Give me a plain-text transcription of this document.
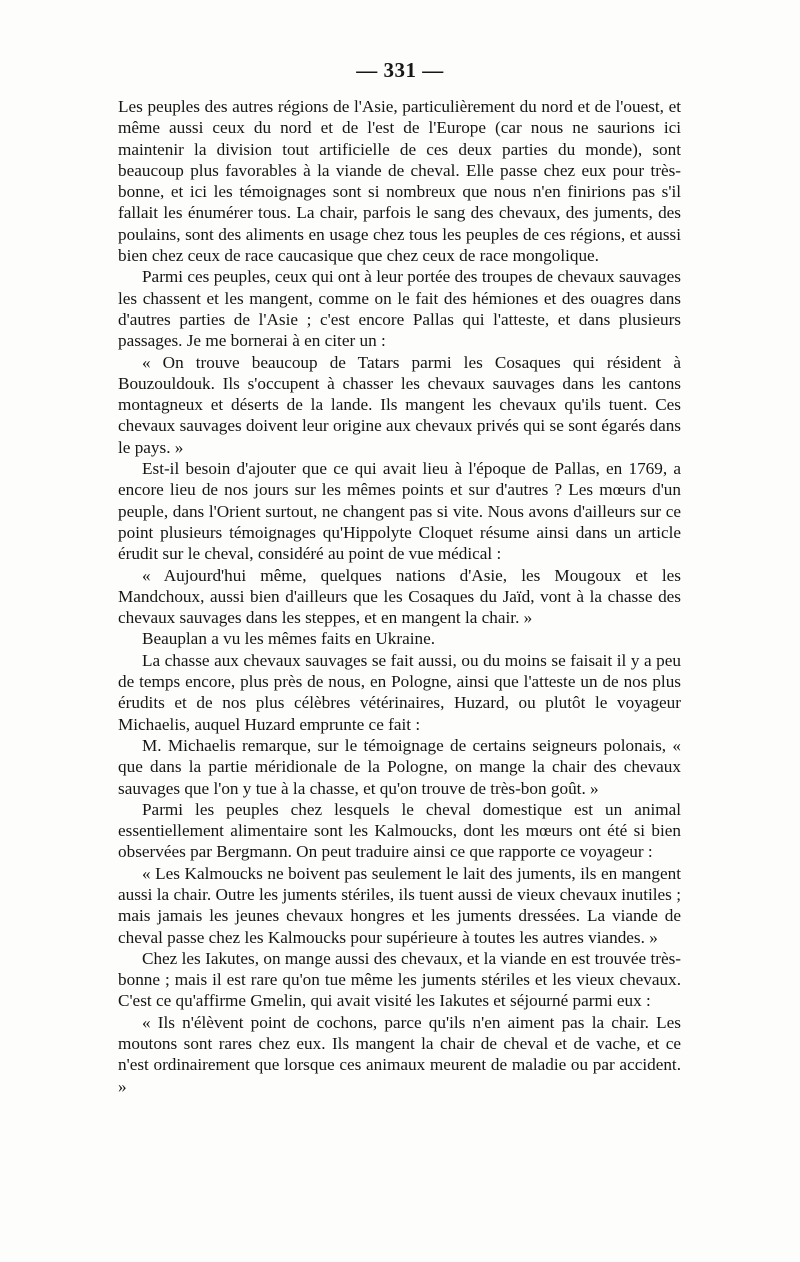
— 331 —

Les peuples des autres régions de l'Asie, particulièrement du nord et de l'ouest, et même aussi ceux du nord et de l'est de l'Europe (car nous ne saurions ici maintenir la division tout artificielle de ces deux parties du monde), sont beaucoup plus favorables à la viande de cheval. Elle passe chez eux pour très-bonne, et ici les témoignages sont si nombreux que nous n'en finirions pas s'il fallait les énumérer tous. La chair, parfois le sang des chevaux, des juments, des poulains, sont des aliments en usage chez tous les peuples de ces régions, et aussi bien chez ceux de race caucasique que chez ceux de race mongolique.

Parmi ces peuples, ceux qui ont à leur portée des troupes de chevaux sauvages les chassent et les mangent, comme on le fait des hémiones et des ouagres dans d'autres parties de l'Asie ; c'est encore Pallas qui l'atteste, et dans plusieurs passages. Je me bornerai à en citer un :

« On trouve beaucoup de Tatars parmi les Cosaques qui résident à Bouzouldouk. Ils s'occupent à chasser les chevaux sauvages dans les cantons montagneux et déserts de la lande. Ils mangent les chevaux qu'ils tuent. Ces chevaux sauvages doivent leur origine aux chevaux privés qui se sont égarés dans le pays. »

Est-il besoin d'ajouter que ce qui avait lieu à l'époque de Pallas, en 1769, a encore lieu de nos jours sur les mêmes points et sur d'autres ? Les mœurs d'un peuple, dans l'Orient surtout, ne changent pas si vite. Nous avons d'ailleurs sur ce point plusieurs témoignages qu'Hippolyte Cloquet résume ainsi dans un article érudit sur le cheval, considéré au point de vue médical :

« Aujourd'hui même, quelques nations d'Asie, les Mougoux et les Mandchoux, aussi bien d'ailleurs que les Cosaques du Jaïd, vont à la chasse des chevaux sauvages dans les steppes, et en mangent la chair. »

Beauplan a vu les mêmes faits en Ukraine.

La chasse aux chevaux sauvages se fait aussi, ou du moins se faisait il y a peu de temps encore, plus près de nous, en Pologne, ainsi que l'atteste un de nos plus érudits et de nos plus célèbres vétérinaires, Huzard, ou plutôt le voyageur Michaelis, auquel Huzard emprunte ce fait :

M. Michaelis remarque, sur le témoignage de certains seigneurs polonais, « que dans la partie méridionale de la Pologne, on mange la chair des chevaux sauvages que l'on y tue à la chasse, et qu'on trouve de très-bon goût. »

Parmi les peuples chez lesquels le cheval domestique est un animal essentiellement alimentaire sont les Kalmoucks, dont les mœurs ont été si bien observées par Bergmann. On peut traduire ainsi ce que rapporte ce voyageur :

« Les Kalmoucks ne boivent pas seulement le lait des juments, ils en mangent aussi la chair. Outre les juments stériles, ils tuent aussi de vieux chevaux inutiles ; mais jamais les jeunes chevaux hongres et les juments dressées. La viande de cheval passe chez les Kalmoucks pour supérieure à toutes les autres viandes. »

Chez les Iakutes, on mange aussi des chevaux, et la viande en est trouvée très-bonne ; mais il est rare qu'on tue même les juments stériles et les vieux chevaux. C'est ce qu'affirme Gmelin, qui avait visité les Iakutes et séjourné parmi eux :

« Ils n'élèvent point de cochons, parce qu'ils n'en aiment pas la chair. Les moutons sont rares chez eux. Ils mangent la chair de cheval et de vache, et ce n'est ordinairement que lorsque ces animaux meurent de maladie ou par accident. »
